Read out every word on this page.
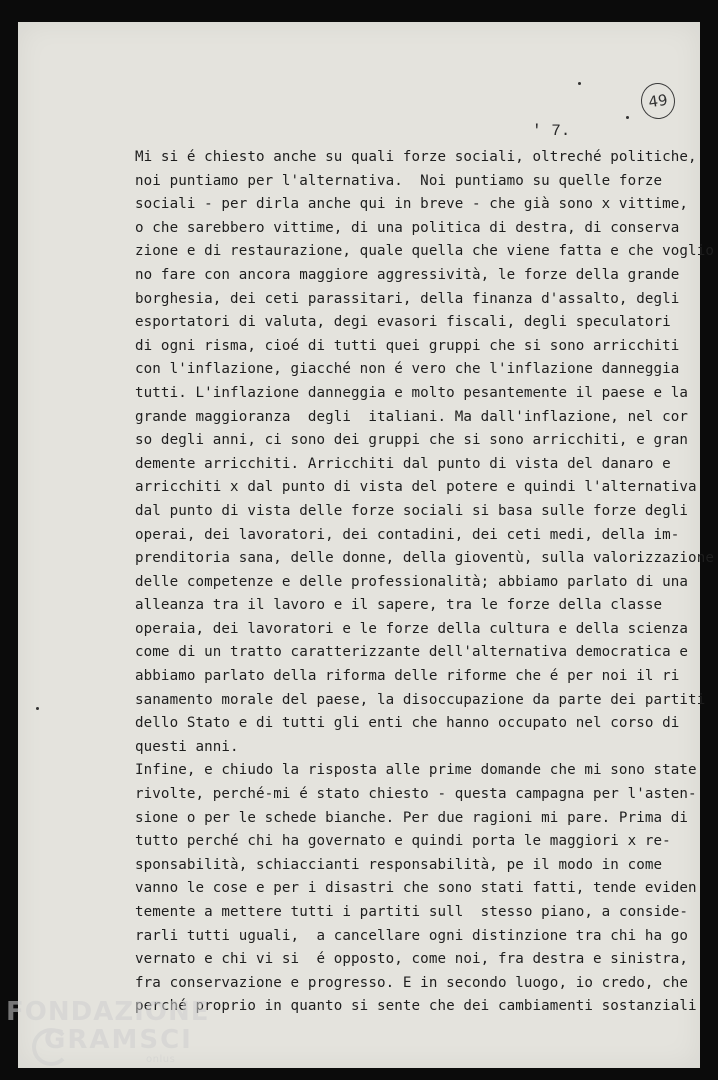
' 7.
49
Mi si é chiesto anche su quali forze sociali, oltreché politiche,
noi puntiamo per l'alternativa.  Noi puntiamo su quelle forze
sociali - per dirla anche qui in breve - che già sono x vittime,
o che sarebbero vittime, di una politica di destra, di conserva
zione e di restaurazione, quale quella che viene fatta e che voglio
no fare con ancora maggiore aggressività, le forze della grande
borghesia, dei ceti parassitari, della finanza d'assalto, degli
esportatori di valuta, degi evasori fiscali, degli speculatori
di ogni risma, cioé di tutti quei gruppi che si sono arricchiti
con l'inflazione, giacché non é vero che l'inflazione danneggia
tutti. L'inflazione danneggia e molto pesantemente il paese e la
grande maggioranza  degli  italiani. Ma dall'inflazione, nel cor
so degli anni, ci sono dei gruppi che si sono arricchiti, e gran
demente arricchiti. Arricchiti dal punto di vista del danaro e
arricchiti x dal punto di vista del potere e quindi l'alternativa
dal punto di vista delle forze sociali si basa sulle forze degli
operai, dei lavoratori, dei contadini, dei ceti medi, della im-
prenditoria sana, delle donne, della gioventù, sulla valorizzazione
delle competenze e delle professionalità; abbiamo parlato di una
alleanza tra il lavoro e il sapere, tra le forze della classe
operaia, dei lavoratori e le forze della cultura e della scienza
come di un tratto caratterizzante dell'alternativa democratica e
abbiamo parlato della riforma delle riforme che é per noi il ri
sanamento morale del paese, la disoccupazione da parte dei partiti
dello Stato e di tutti gli enti che hanno occupato nel corso di
questi anni.
Infine, e chiudo la risposta alle prime domande che mi sono state
rivolte, perché-mi é stato chiesto - questa campagna per l'asten-
sione o per le schede bianche. Per due ragioni mi pare. Prima di
tutto perché chi ha governato e quindi porta le maggiori x re-
sponsabilità, schiaccianti responsabilità, pe il modo in come
vanno le cose e per i disastri che sono stati fatti, tende eviden
temente a mettere tutti i partiti sull  stesso piano, a conside-
rarli tutti uguali,  a cancellare ogni distinzione tra chi ha go
vernato e chi vi si  é opposto, come noi, fra destra e sinistra,
fra conservazione e progresso. E in secondo luogo, io credo, che
perché proprio in quanto si sente che dei cambiamenti sostanziali
FONDAZIONE
GRAMSCI
onlus
